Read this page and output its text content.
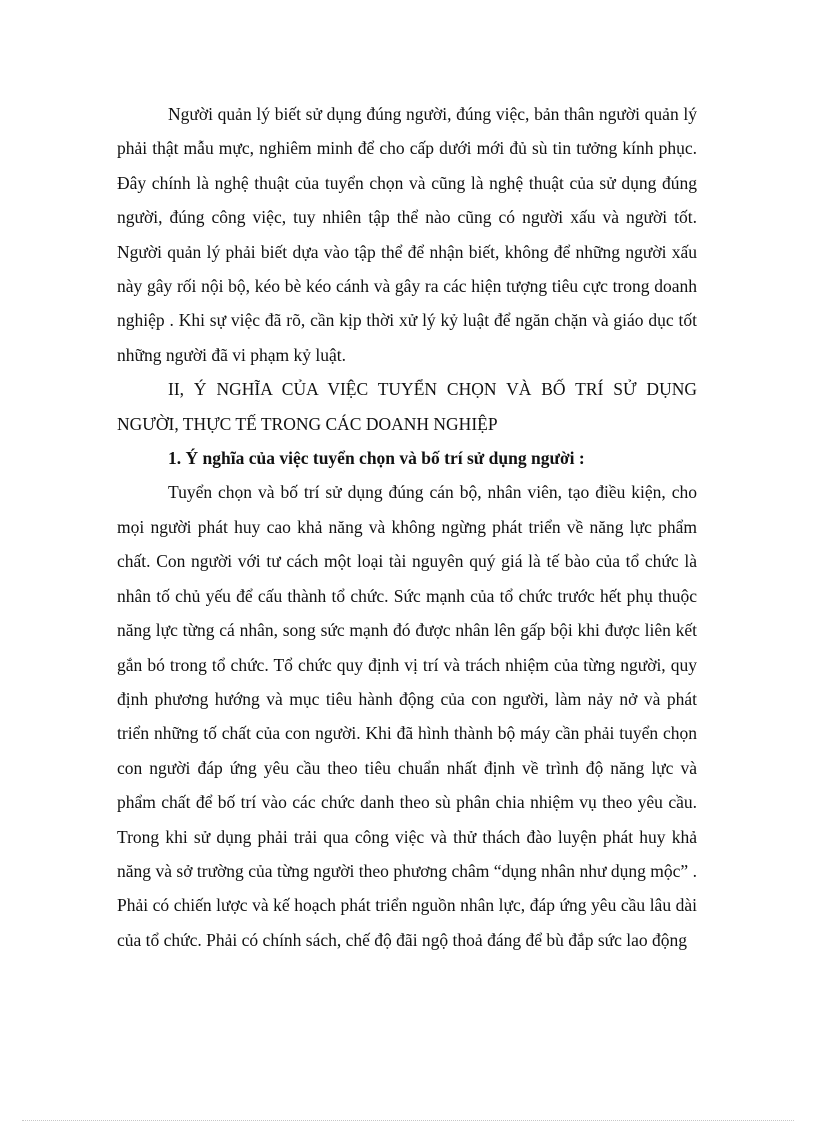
Người quản lý biết sử dụng đúng người, đúng việc, bản thân người quản lý phải thật mẫu mực, nghiêm minh để cho cấp dưới mới đủ sù tin tưởng kính phục. Đây chính là nghệ thuật của tuyển chọn và cũng là nghệ thuật của sử dụng đúng người, đúng công việc, tuy nhiên tập thể nào cũng có người xấu và người tốt. Người quản lý phải biết dựa vào tập thể để nhận biết, không để những người xấu này gây rối nội bộ, kéo bè kéo cánh và gây ra các hiện tượng tiêu cực trong doanh nghiệp . Khi sự việc đã rõ, cần kịp thời xử lý kỷ luật để ngăn chặn và giáo dục tốt những người đã vi phạm kỷ luật.

II, Ý NGHĨA CỦA VIỆC TUYỂN CHỌN VÀ BỐ TRÍ SỬ DỤNG NGƯỜI, THỰC TẾ TRONG CÁC DOANH NGHIỆP

1. Ý nghĩa của việc tuyển chọn và bố trí sử dụng người :

Tuyển chọn và bố trí sử dụng đúng cán bộ, nhân viên, tạo điều kiện, cho mọi người phát huy cao khả năng và không ngừng phát triển về năng lực phẩm chất. Con người với tư cách một loại tài nguyên quý giá là tế bào của tổ chức là nhân tố chủ yếu để cấu thành tổ chức. Sức mạnh của tổ chức trước hết phụ thuộc năng lực từng cá nhân, song sức mạnh đó được nhân lên gấp bội khi được liên kết gắn bó trong tổ chức. Tổ chức quy định vị trí và trách nhiệm của từng người, quy định phương hướng và mục tiêu hành động của con người, làm nảy nở và phát triển những tố chất của con người. Khi đã hình thành bộ máy cần phải tuyển chọn con người đáp ứng yêu cầu theo tiêu chuẩn nhất định về trình độ năng lực và phẩm chất để bố trí vào các chức danh theo sù phân chia nhiệm vụ theo yêu cầu. Trong khi sử dụng phải trải qua công việc và thử thách đào luyện phát huy khả năng và sở trường của từng người theo phương châm “dụng nhân như dụng mộc” . Phải có chiến lược và kế hoạch phát triển nguồn nhân lực, đáp ứng yêu cầu lâu dài của tổ chức. Phải có chính sách, chế độ đãi ngộ thoả đáng để bù đắp sức lao động
